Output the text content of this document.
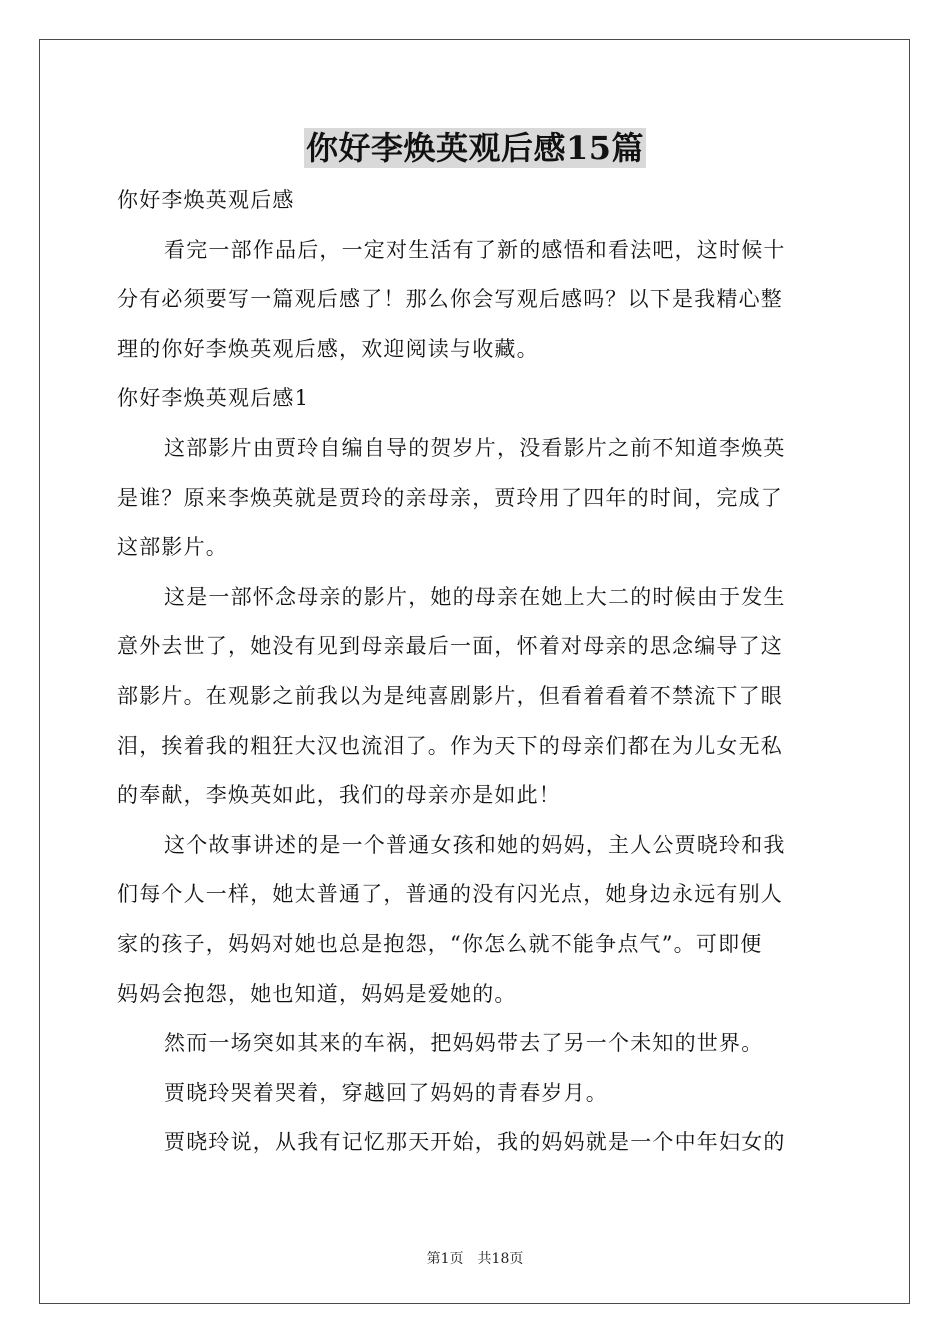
你好李焕英观后感15篇
你好李焕英观后感
看完一部作品后，一定对生活有了新的感悟和看法吧，这时候十
分有必须要写一篇观后感了！那么你会写观后感吗？以下是我精心整
理的你好李焕英观后感，欢迎阅读与收藏。
你好李焕英观后感1
这部影片由贾玲自编自导的贺岁片，没看影片之前不知道李焕英
是谁？原来李焕英就是贾玲的亲母亲，贾玲用了四年的时间，完成了
这部影片。
这是一部怀念母亲的影片，她的母亲在她上大二的时候由于发生
意外去世了，她没有见到母亲最后一面，怀着对母亲的思念编导了这
部影片。在观影之前我以为是纯喜剧影片，但看着看着不禁流下了眼
泪，挨着我的粗狂大汉也流泪了。作为天下的母亲们都在为儿女无私
的奉献，李焕英如此，我们的母亲亦是如此！
这个故事讲述的是一个普通女孩和她的妈妈，主人公贾晓玲和我
们每个人一样，她太普通了，普通的没有闪光点，她身边永远有别人
家的孩子，妈妈对她也总是抱怨，“你怎么就不能争点气”。可即便
妈妈会抱怨，她也知道，妈妈是爱她的。
然而一场突如其来的车祸，把妈妈带去了另一个未知的世界。
贾晓玲哭着哭着，穿越回了妈妈的青春岁月。
贾晓玲说，从我有记忆那天开始，我的妈妈就是一个中年妇女的
第1页　共18页
